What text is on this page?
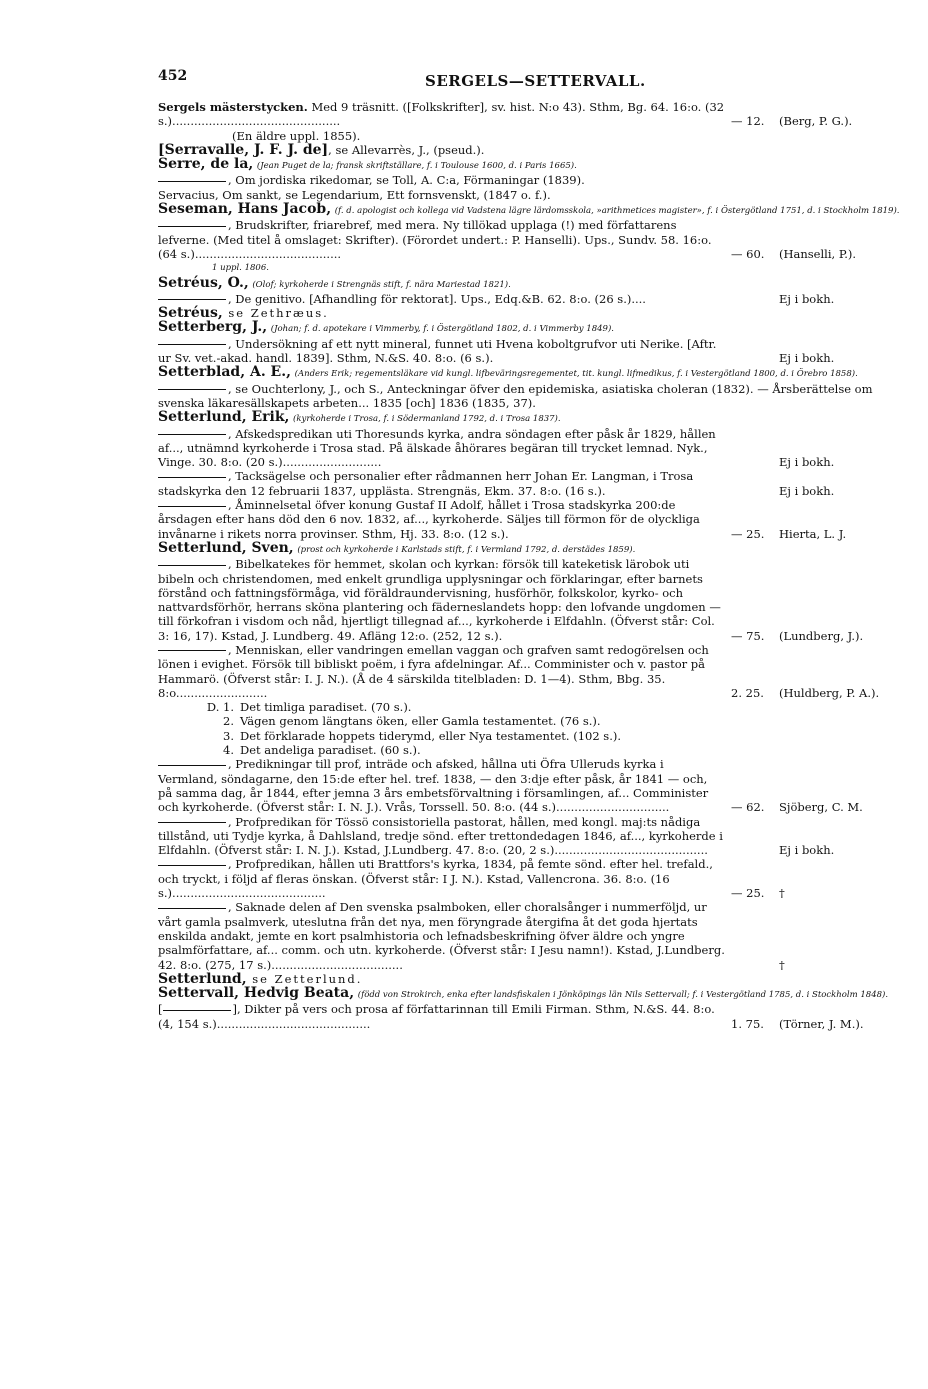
452	SERGELS—SETTERVALL.
Sergels mästerstycken. Med 9 träsnitt. ([Folkskrifter], sv. hist. N:o 43). Sthm, Bg. 64. 16:o. (32 s.)..............................................	— 12.	(Berg, P. G.).
(En äldre uppl. 1855).
[Serravalle, J. F. J. de], se Allevarrès, J., (pseud.).
Serre, de la, (Jean Puget de la; fransk skriftställare, f. i Toulouse 1600, d. i Paris 1665).
, Om jordiska rikedomar, se Toll, A. C:a, Förmaningar (1839).
Servacius, Om sankt, se Legendarium, Ett fornsvenskt, (1847 o. f.).
Seseman, Hans Jacob, (f. d. apologist och kollega vid Vadstena lägre lärdomsskola, »arithmetices magister», f. i Östergötland 1751, d. i Stockholm 1819).
, Brudskrifter, friarebref, med mera. Ny tillökad upplaga (!) med författarens lefverne. (Med titel å omslaget: Skrifter). (Förordet undert.: P. Hanselli). Ups., Sundv. 58. 16:o. (64 s.)........................................	— 60.	(Hanselli, P.).
1 uppl. 1806.
Setréus, O., (Olof; kyrkoherde i Strengnäs stift, f. nära Mariestad 1821).
, De genitivo. [Afhandling för rektorat]. Ups., Edq.&B. 62. 8:o. (26 s.)....	Ej i bokh.
Setréus, se Zethræus.
Setterberg, J., (Johan; f. d. apotekare i Vimmerby, f. i Östergötland 1802, d. i Vimmerby 1849).
, Undersökning af ett nytt mineral, funnet uti Hvena koboltgrufvor uti Nerike. [Aftr. ur Sv. vet.-akad. handl. 1839]. Sthm, N.&S. 40. 8:o. (6 s.).	Ej i bokh.
Setterblad, A. E., (Anders Erik; regementsläkare vid kungl. lifbeväringsregementet, tit. kungl. lifmedikus, f. i Vestergötland 1800, d. i Örebro 1858).
, se Ouchterlony, J., och S., Anteckningar öfver den epidemiska, asiatiska choleran (1832). — Årsberättelse om svenska läkaresällskapets arbeten... 1835 [och] 1836 (1835, 37).
Setterlund, Erik, (kyrkoherde i Trosa, f. i Södermanland 1792, d. i Trosa 1837).
, Afskedspredikan uti Thoresunds kyrka, andra söndagen efter påsk år 1829, hållen af..., utnämnd kyrkoherde i Trosa stad. På älskade åhörares begäran till trycket lemnad. Nyk., Vinge. 30. 8:o. (20 s.)...........................	Ej i bokh.
, Tacksägelse och personalier efter rådmannen herr Johan Er. Langman, i Trosa stadskyrka den 12 februarii 1837, upplästa. Strengnäs, Ekm. 37. 8:o. (16 s.).	Ej i bokh.
, Åminnelsetal öfver konung Gustaf II Adolf, hållet i Trosa stadskyrka 200:de årsdagen efter hans död den 6 nov. 1832, af..., kyrkoherde. Säljes till förmon för de olyckliga invånarne i rikets norra provinser. Sthm, Hj. 33. 8:o. (12 s.).	— 25.	Hierta, L. J.
Setterlund, Sven, (prost och kyrkoherde i Karlstads stift, f. i Vermland 1792, d. derstädes 1859).
, Bibelkatekes för hemmet, skolan och kyrkan: försök till kateketisk lärobok uti bibeln och christendomen, med enkelt grundliga upplysningar och förklaringar, efter barnets förstånd och fattningsförmåga, vid föräldraundervisning, husförhör, folkskolor, kyrko- och nattvardsförhör, herrans sköna plantering och fäderneslandets hopp: den lofvande ungdomen — till förkofran i visdom och nåd, hjertligt tillegnad af..., kyrkoherde i Elfdahln. (Öfverst står: Col. 3: 16, 17). Kstad, J. Lundberg. 49. Afläng 12:o. (252, 12 s.).	— 75.	(Lundberg, J.).
, Menniskan, eller vandringen emellan vaggan och grafven samt redogörelsen och lönen i evighet. Försök till bibliskt poëm, i fyra afdelningar. Af... Comminister och v. pastor på Hammarö. (Öfverst står: I. J. N.). (Å de 4 särskilda titelbladen: D. 1—4). Sthm, Bbg. 35. 8:o.........................	2. 25.	(Huldberg, P. A.).
D. 1. Det timliga paradiset. (70 s.).
2. Vägen genom längtans öken, eller Gamla testamentet. (76 s.).
3. Det förklarade hoppets tiderymd, eller Nya testamentet. (102 s.).
4. Det andeliga paradiset. (60 s.).
, Predikningar till prof, inträde och afsked, hållna uti Öfra Ulleruds kyrka i Vermland, söndagarne, den 15:de efter hel. tref. 1838, — den 3:dje efter påsk, år 1841 — och, på samma dag, år 1844, efter jemna 3 års embetsförvaltning i församlingen, af... Comminister och kyrkoherde. (Öfverst står: I. N. J.). Vrås, Torssell. 50. 8:o. (44 s.)...............................	— 62.	Sjöberg, C. M.
, Profpredikan för Tössö consistoriella pastorat, hållen, med kongl. maj:ts nådiga tillstånd, uti Tydje kyrka, å Dahlsland, tredje sönd. efter trettondedagen 1846, af..., kyrkoherde i Elfdahln. (Öfverst står: I. N. J.). Kstad, J.Lundberg. 47. 8:o. (20, 2 s.)..........................................	Ej i bokh.
, Profpredikan, hållen uti Brattfors's kyrka, 1834, på femte sönd. efter hel. trefald., och tryckt, i följd af fleras önskan. (Öfverst står: I J. N.). Kstad, Vallencrona. 36. 8:o. (16 s.)..........................................	— 25.	†
, Saknade delen af Den svenska psalmboken, eller choralsånger i nummerföljd, ur vårt gamla psalmverk, uteslutna från det nya, men föryngrade återgifna åt det goda hjertats enskilda andakt, jemte en kort psalmhistoria och lefnadsbeskrifning öfver äldre och yngre psalmförfattare, af... comm. och utn. kyrkoherde. (Öfverst står: I Jesu namn!). Kstad, J.Lundberg. 42. 8:o. (275, 17 s.)....................................	†
Setterlund, se Zetterlund.
Settervall, Hedvig Beata, (född von Strokirch, enka efter landsfiskalen i Jönköpings län Nils Settervall; f. i Vestergötland 1785, d. i Stockholm 1848).
[	], Dikter på vers och prosa af författarinnan till Emili Firman. Sthm, N.&S. 44. 8:o. (4, 154 s.)..........................................	1. 75.	(Törner, J. M.).
